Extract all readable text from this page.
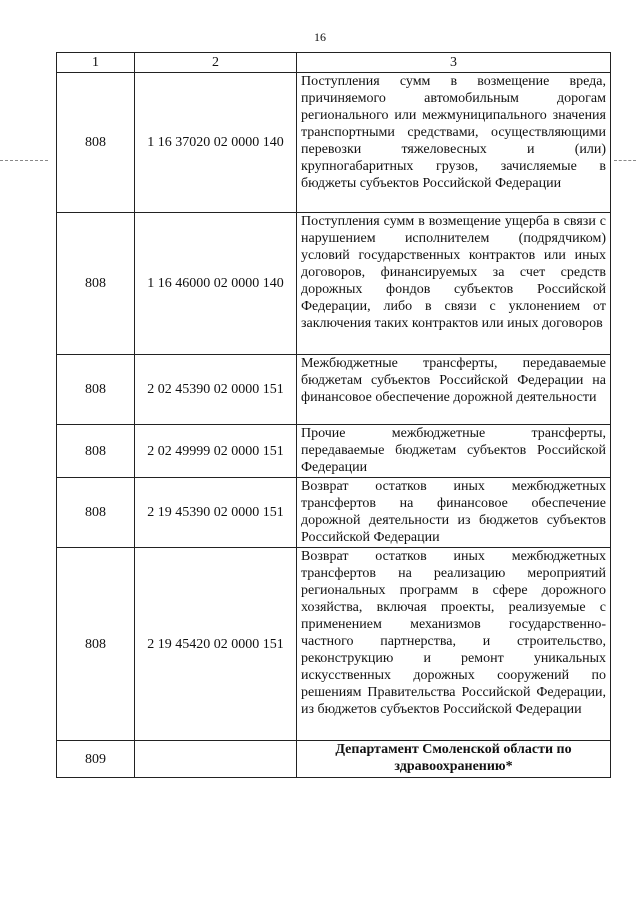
16
1	2	3
808	1 16 37020 02 0000 140	Поступления сумм в возмещение вреда, причиняемого автомобильным дорогам регионального или межмуниципального значения транспортными средствами, осуществляющими перевозки тяжеловесных и (или) крупногабаритных грузов, зачисляемые в бюджеты субъектов Российской Федерации
808	1 16 46000 02 0000 140	Поступления сумм в возмещение ущерба в связи с нарушением исполнителем (подрядчиком) условий государственных контрактов или иных договоров, финансируемых за счет средств дорожных фондов субъектов Российской Федерации, либо в связи с уклонением от заключения таких контрактов или иных договоров
808	2 02 45390 02 0000 151	Межбюджетные трансферты, передаваемые бюджетам субъектов Российской Федерации на финансовое обеспечение дорожной деятельности
808	2 02 49999 02 0000 151	Прочие межбюджетные трансферты, передаваемые бюджетам субъектов Российской Федерации
808	2 19 45390 02 0000 151	Возврат остатков иных межбюджетных трансфертов на финансовое обеспечение дорожной деятельности из бюджетов субъектов Российской Федерации
808	2 19 45420 02 0000 151	Возврат остатков иных межбюджетных трансфертов на реализацию мероприятий региональных программ в сфере дорожного хозяйства, включая проекты, реализуемые с применением механизмов государственно-частного партнерства, и строительство, реконструкцию и ремонт уникальных искусственных дорожных сооружений по решениям Правительства Российской Федерации, из бюджетов субъектов Российской Федерации
809		Департамент Смоленской области по здравоохранению*
